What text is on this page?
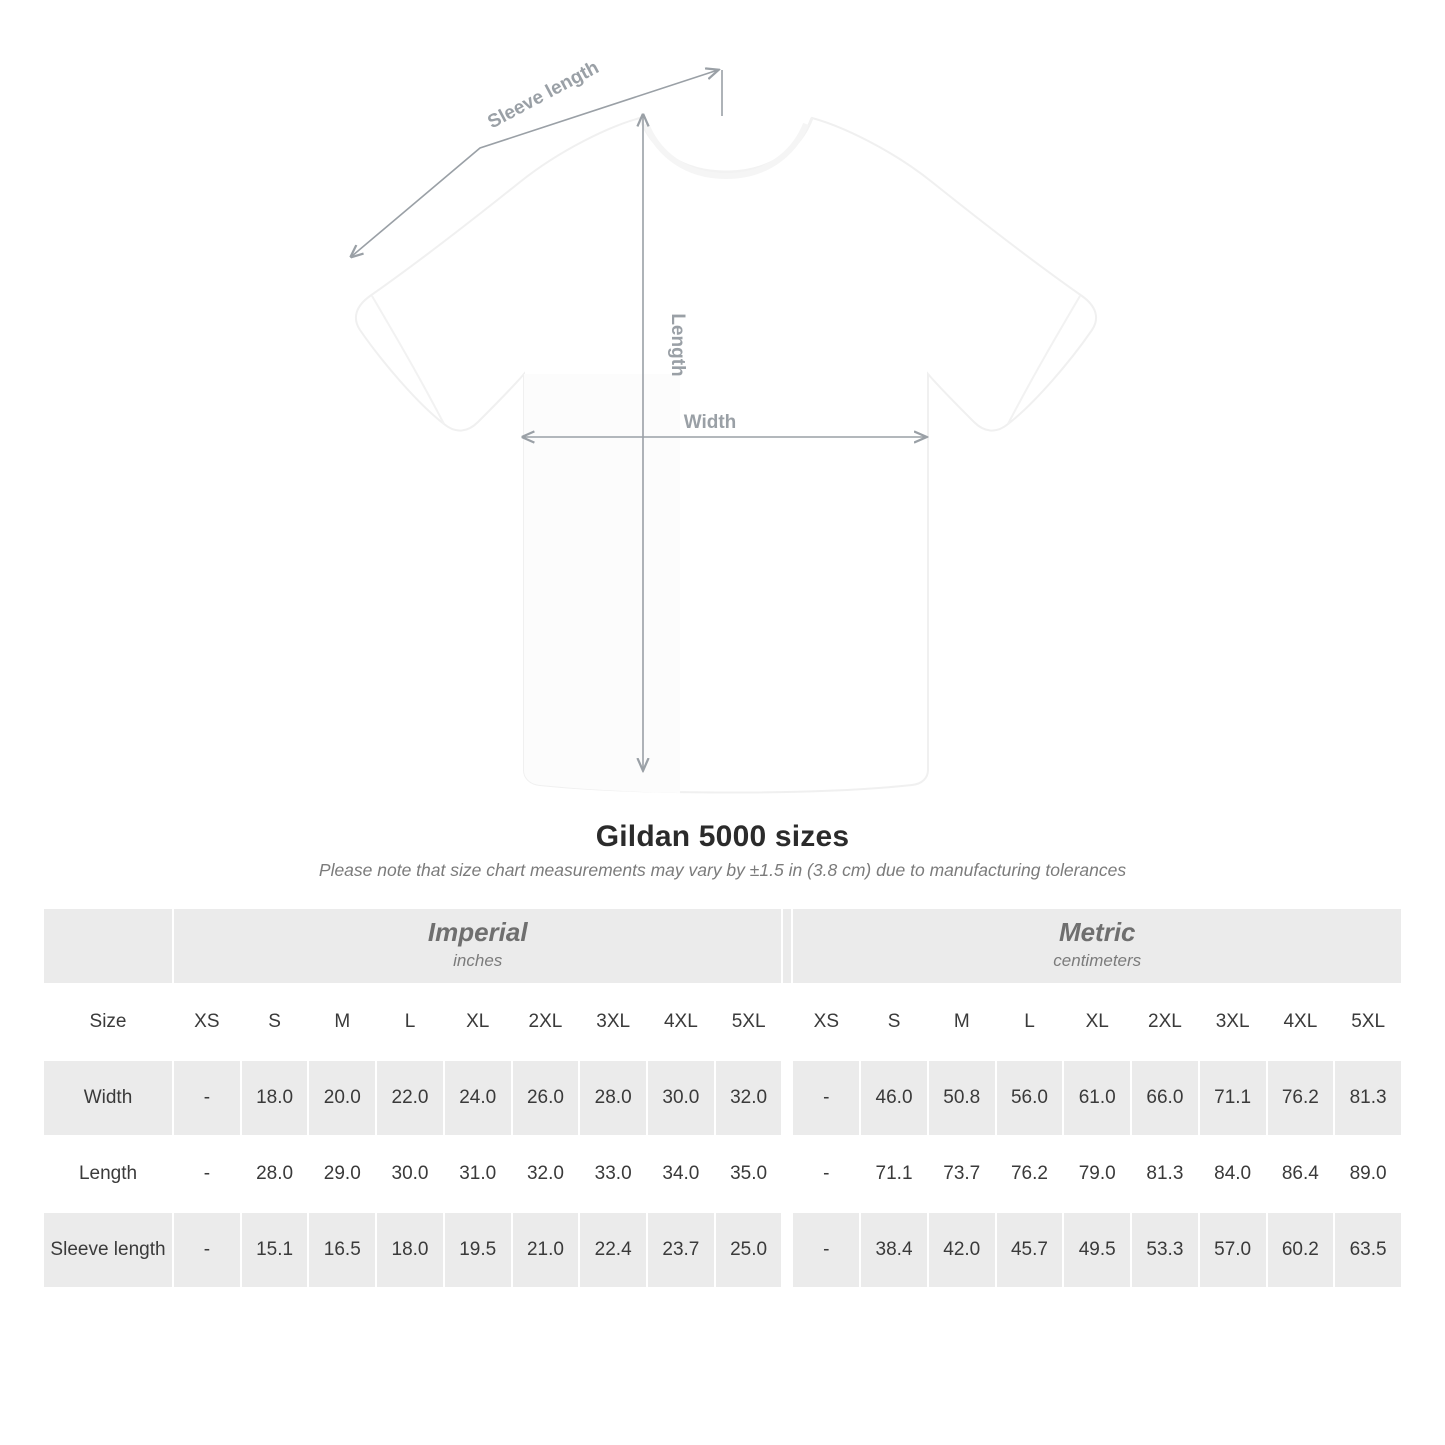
Sleeve length
Length
Width
Gildan 5000 sizes

Please note that size chart measurements may vary by ±1.5 in (3.8 cm) due to manufacturing tolerances

Imperial
inches

Metric
centimeters

Size	XS	S	M	L	XL	2XL	3XL	4XL	5XL		XS	S	M	L	XL	2XL	3XL	4XL	5XL
Width	-	18.0	20.0	22.0	24.0	26.0	28.0	30.0	32.0		-	46.0	50.8	56.0	61.0	66.0	71.1	76.2	81.3
Length	-	28.0	29.0	30.0	31.0	32.0	33.0	34.0	35.0		-	71.1	73.7	76.2	79.0	81.3	84.0	86.4	89.0
Sleeve length	-	15.1	16.5	18.0	19.5	21.0	22.4	23.7	25.0		-	38.4	42.0	45.7	49.5	53.3	57.0	60.2	63.5
